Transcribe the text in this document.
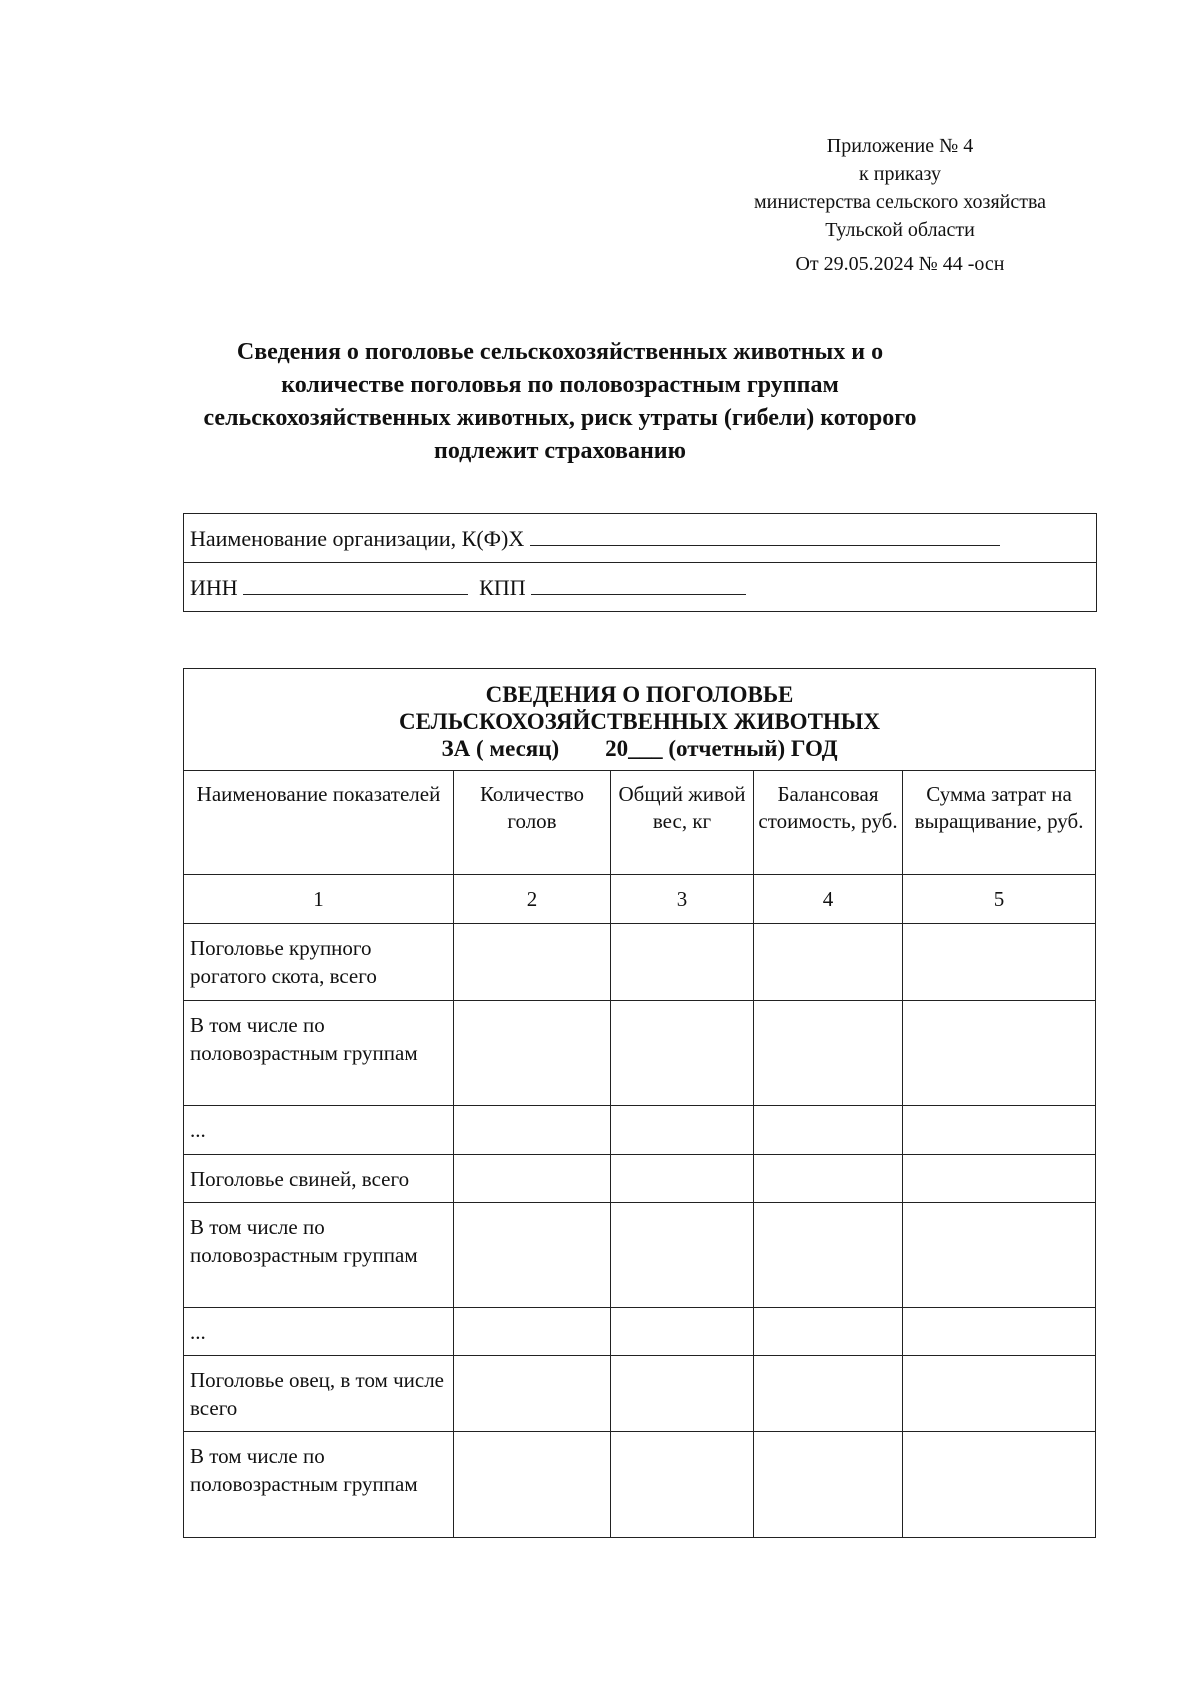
Приложение № 4
к приказу
министерства сельского хозяйства
Тульской области
От 29.05.2024 № 44 -осн
Сведения о поголовье сельскохозяйственных животных и о
количестве поголовья по половозрастным группам
сельскохозяйственных животных, риск утраты (гибели) которого
подлежит страхованию
Наименование организации, К(Ф)Х
ИНН	КПП
СВЕДЕНИЯ О ПОГОЛОВЬЕ
СЕЛЬСКОХОЗЯЙСТВЕННЫХ ЖИВОТНЫХ
ЗА ( месяц)        20___ (отчетный) ГОД				

Наименование показателей	Количество голов	Общий живой вес, кг	Балансовая стоимость, руб.	Сумма затрат на выращивание, руб.
1	2	3	4	5
Поголовье крупного рогатого скота, всего				
В том числе по половозрастным группам				
...				
Поголовье свиней, всего				
В том числе по половозрастным группам				
...				
Поголовье овец, в том числе всего				
В том числе по половозрастным группам				
